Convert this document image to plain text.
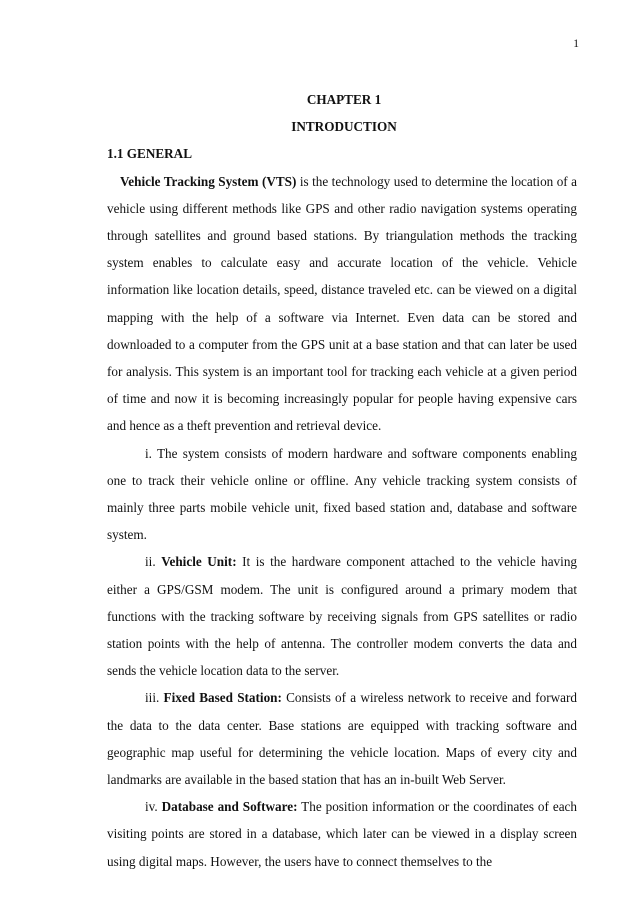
1

CHAPTER 1

INTRODUCTION

1.1 GENERAL

Vehicle Tracking System (VTS) is the technology used to determine the location of a vehicle using different methods like GPS and other radio navigation systems operating through satellites and ground based stations. By triangulation methods the tracking system enables to calculate easy and accurate location of the vehicle. Vehicle information like location details, speed, distance traveled etc. can be viewed on a digital mapping with the help of a software via Internet. Even data can be stored and downloaded to a computer from the GPS unit at a base station and that can later be used for analysis. This system is an important tool for tracking each vehicle at a given period of time and now it is becoming increasingly popular for people having expensive cars and hence as a theft prevention and retrieval device.

i. The system consists of modern hardware and software components enabling one to track their vehicle online or offline. Any vehicle tracking system consists of mainly three parts mobile vehicle unit, fixed based station and, database and software system.

ii. Vehicle Unit: It is the hardware component attached to the vehicle having either a GPS/GSM modem. The unit is configured around a primary modem that functions with the tracking software by receiving signals from GPS satellites or radio station points with the help of antenna. The controller modem converts the data and sends the vehicle location data to the server.

iii. Fixed Based Station: Consists of a wireless network to receive and forward the data to the data center. Base stations are equipped with tracking software and geographic map useful for determining the vehicle location. Maps of every city and landmarks are available in the based station that has an in-built Web Server.

iv. Database and Software: The position information or the coordinates of each visiting points are stored in a database, which later can be viewed in a display screen using digital maps. However, the users have to connect themselves to the
